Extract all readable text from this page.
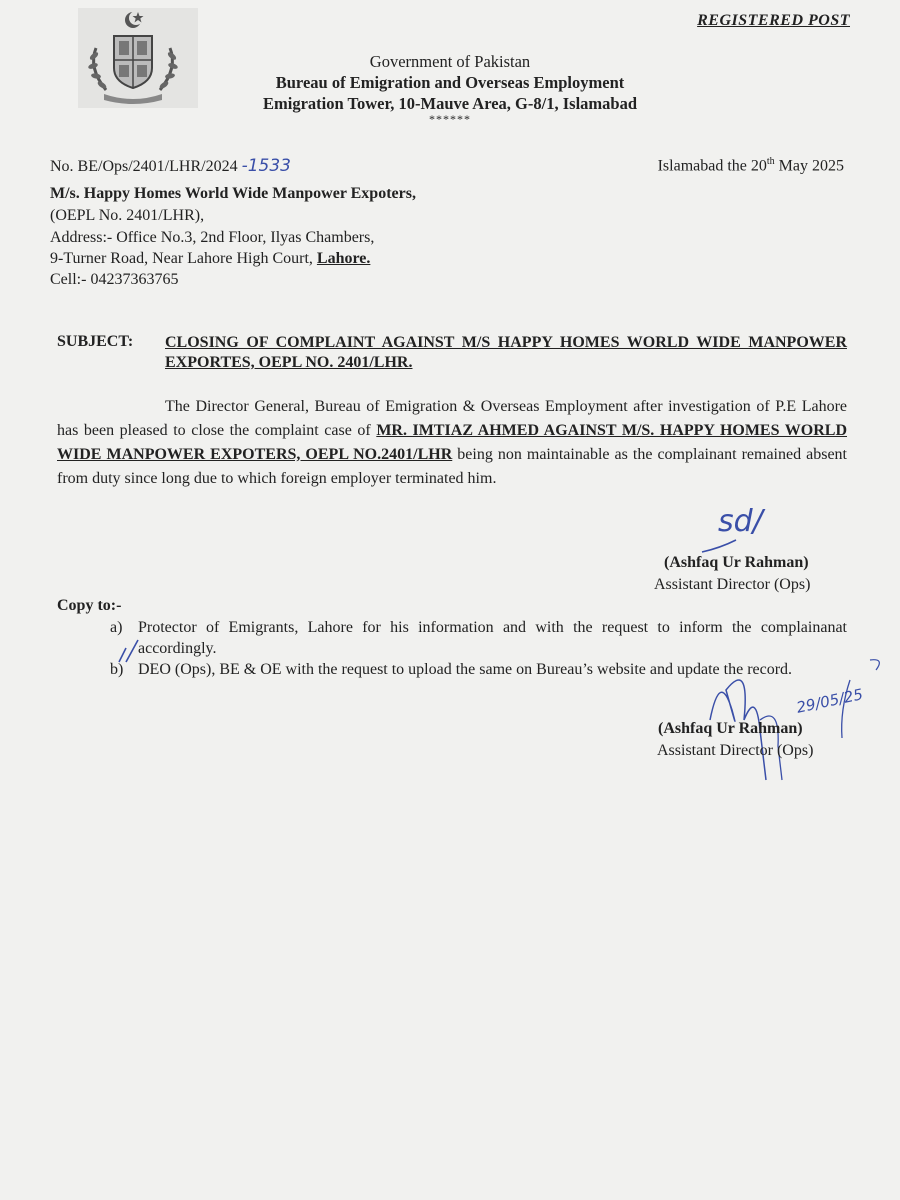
REGISTERED POST
Government of Pakistan
Bureau of Emigration and Overseas Employment
Emigration Tower, 10-Mauve Area, G-8/1, Islamabad
******
No. BE/Ops/2401/LHR/2024 -1533	Islamabad the 20th May 2025
M/s. Happy Homes World Wide Manpower Expoters,
(OEPL No. 2401/LHR),
Address:- Office No.3, 2nd Floor, Ilyas Chambers,
9-Turner Road, Near Lahore High Court, Lahore.
Cell:- 04237363765
SUBJECT: CLOSING OF COMPLAINT AGAINST M/S HAPPY HOMES WORLD WIDE MANPOWER EXPORTES, OEPL NO. 2401/LHR.
The Director General, Bureau of Emigration & Overseas Employment after investigation of P.E Lahore has been pleased to close the complaint case of MR. IMTIAZ AHMED AGAINST M/S. HAPPY HOMES WORLD WIDE MANPOWER EXPOTERS, OEPL NO.2401/LHR being non maintainable as the complainant remained absent from duty since long due to which foreign employer terminated him.
sd/
(Ashfaq Ur Rahman)
Assistant Director (Ops)
Copy to:-
a) Protector of Emigrants, Lahore for his information and with the request to inform the complainanat accordingly.
b) DEO (Ops), BE & OE with the request to upload the same on Bureau’s website and update the record.
29/05/25
(Ashfaq Ur Rahman)
Assistant Director (Ops)
